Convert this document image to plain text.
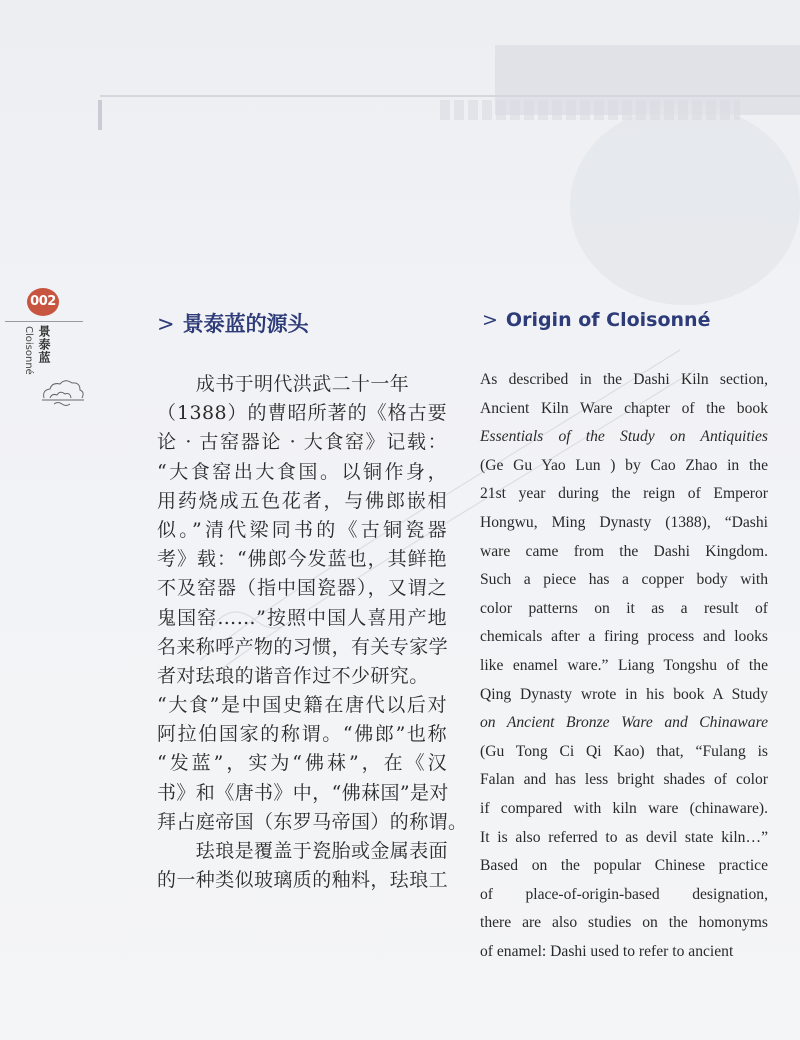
002
景泰蓝
Cloisonné
> 景泰蓝的源头	> Origin of Cloisonné
　　成书于明代洪武二十一年
（1388）的曹昭所著的《格古要
论 · 古窑器论 · 大食窑》记载：
“大食窑出大食国。以铜作身，
用药烧成五色花者，与佛郎嵌相
似。”清代梁同书的《古铜瓷器
考》载：“佛郎今发蓝也，其鲜艳
不及窑器（指中国瓷器），又谓之
鬼国窑……”按照中国人喜用产地
名来称呼产物的习惯，有关专家学
者对珐琅的谐音作过不少研究。
“大食”是中国史籍在唐代以后对
阿拉伯国家的称谓。“佛郎”也称
“发蓝”，实为“佛菻”，在《汉
书》和《唐书》中，“佛菻国”是对
拜占庭帝国（东罗马帝国）的称谓。
　　珐琅是覆盖于瓷胎或金属表面
的一种类似玻璃质的釉料，珐琅工
As described in the Dashi Kiln section,
Ancient Kiln Ware chapter of the book
Essentials of the Study on Antiquities
(Ge Gu Yao Lun ) by Cao Zhao in the
21st year during the reign of Emperor
Hongwu, Ming Dynasty (1388), “Dashi
ware came from the Dashi Kingdom.
Such a piece has a copper body with
color patterns on it as a result of
chemicals after a firing process and looks
like enamel ware.” Liang Tongshu of the
Qing Dynasty wrote in his book A Study
on Ancient Bronze Ware and Chinaware
(Gu Tong Ci Qi Kao) that, “Fulang is
Falan and has less bright shades of color
if compared with kiln ware (chinaware).
It is also referred to as devil state kiln…”
Based on the popular Chinese practice
of place-of-origin-based designation,
there are also studies on the homonyms
of enamel: Dashi used to refer to ancient
